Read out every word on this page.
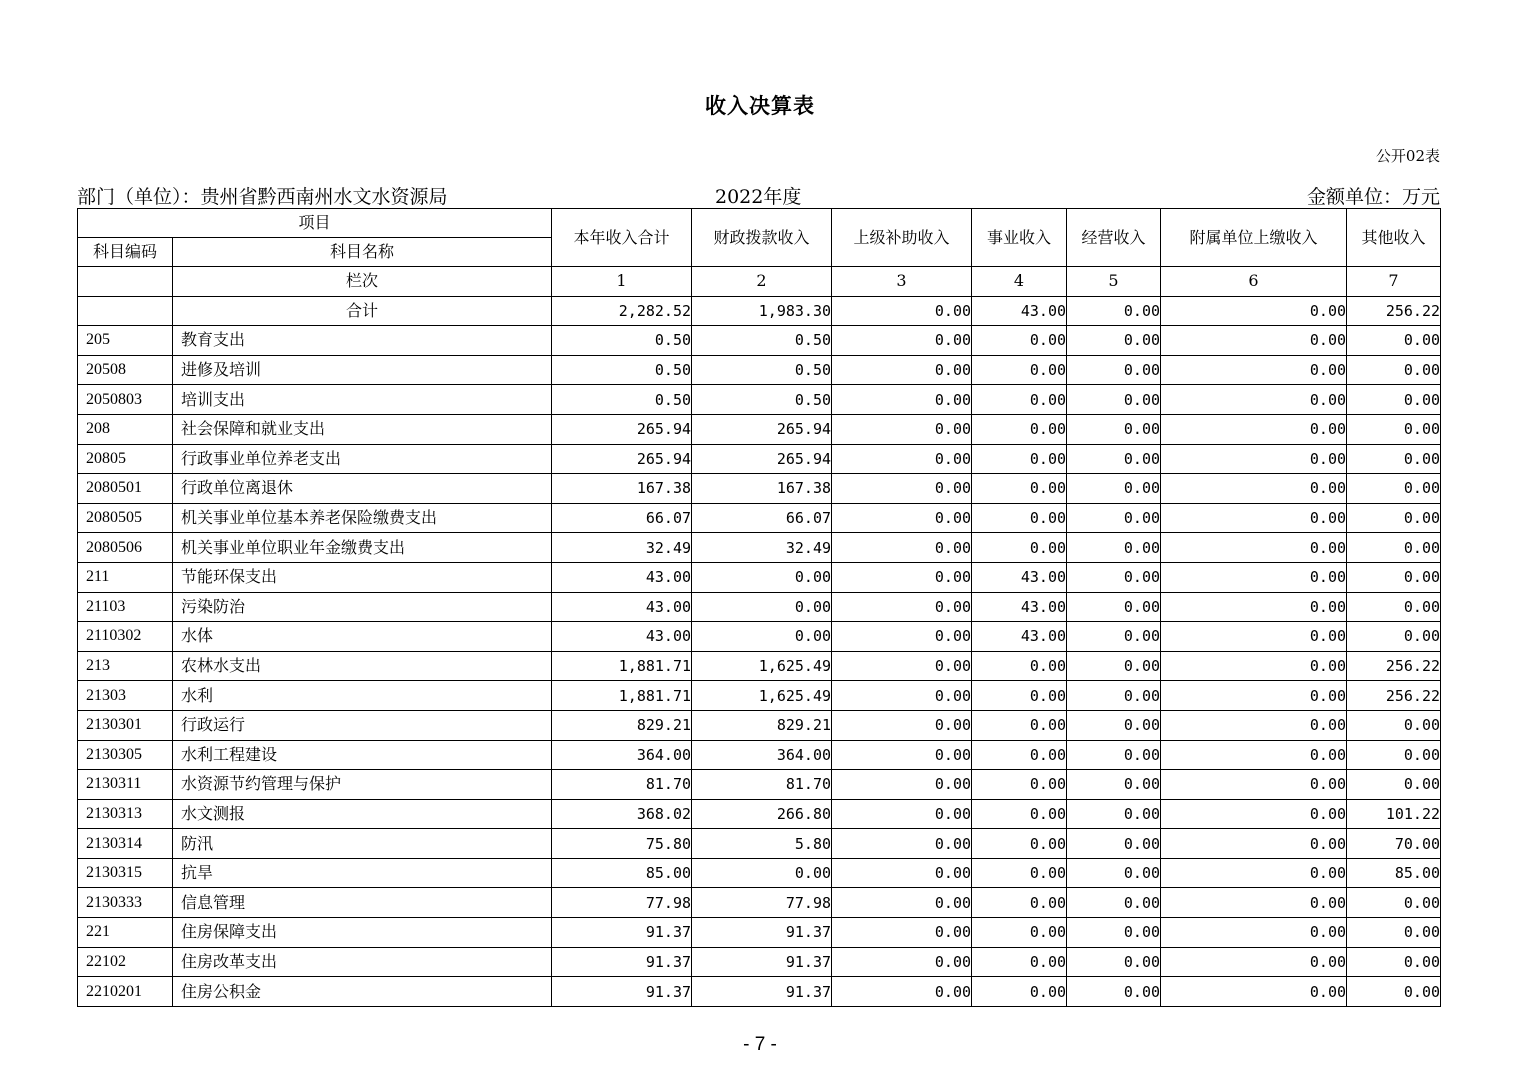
收入决算表
公开02表
部门（单位）：贵州省黔西南州水文水资源局	2022年度	金额单位：万元
项目		本年收入合计	财政拨款收入	上级补助收入	事业收入	经营收入	附属单位上缴收入	其他收入
科目编码	科目名称							
	栏次	1	2	3	4	5	6	7
	合计	2,282.52	1,983.30	0.00	43.00	0.00	0.00	256.22
205	教育支出	0.50	0.50	0.00	0.00	0.00	0.00	0.00
20508	进修及培训	0.50	0.50	0.00	0.00	0.00	0.00	0.00
2050803	培训支出	0.50	0.50	0.00	0.00	0.00	0.00	0.00
208	社会保障和就业支出	265.94	265.94	0.00	0.00	0.00	0.00	0.00
20805	行政事业单位养老支出	265.94	265.94	0.00	0.00	0.00	0.00	0.00
2080501	行政单位离退休	167.38	167.38	0.00	0.00	0.00	0.00	0.00
2080505	机关事业单位基本养老保险缴费支出	66.07	66.07	0.00	0.00	0.00	0.00	0.00
2080506	机关事业单位职业年金缴费支出	32.49	32.49	0.00	0.00	0.00	0.00	0.00
211	节能环保支出	43.00	0.00	0.00	43.00	0.00	0.00	0.00
21103	污染防治	43.00	0.00	0.00	43.00	0.00	0.00	0.00
2110302	水体	43.00	0.00	0.00	43.00	0.00	0.00	0.00
213	农林水支出	1,881.71	1,625.49	0.00	0.00	0.00	0.00	256.22
21303	水利	1,881.71	1,625.49	0.00	0.00	0.00	0.00	256.22
2130301	行政运行	829.21	829.21	0.00	0.00	0.00	0.00	0.00
2130305	水利工程建设	364.00	364.00	0.00	0.00	0.00	0.00	0.00
2130311	水资源节约管理与保护	81.70	81.70	0.00	0.00	0.00	0.00	0.00
2130313	水文测报	368.02	266.80	0.00	0.00	0.00	0.00	101.22
2130314	防汛	75.80	5.80	0.00	0.00	0.00	0.00	70.00
2130315	抗旱	85.00	0.00	0.00	0.00	0.00	0.00	85.00
2130333	信息管理	77.98	77.98	0.00	0.00	0.00	0.00	0.00
221	住房保障支出	91.37	91.37	0.00	0.00	0.00	0.00	0.00
22102	住房改革支出	91.37	91.37	0.00	0.00	0.00	0.00	0.00
2210201	住房公积金	91.37	91.37	0.00	0.00	0.00	0.00	0.00
- 7 -
